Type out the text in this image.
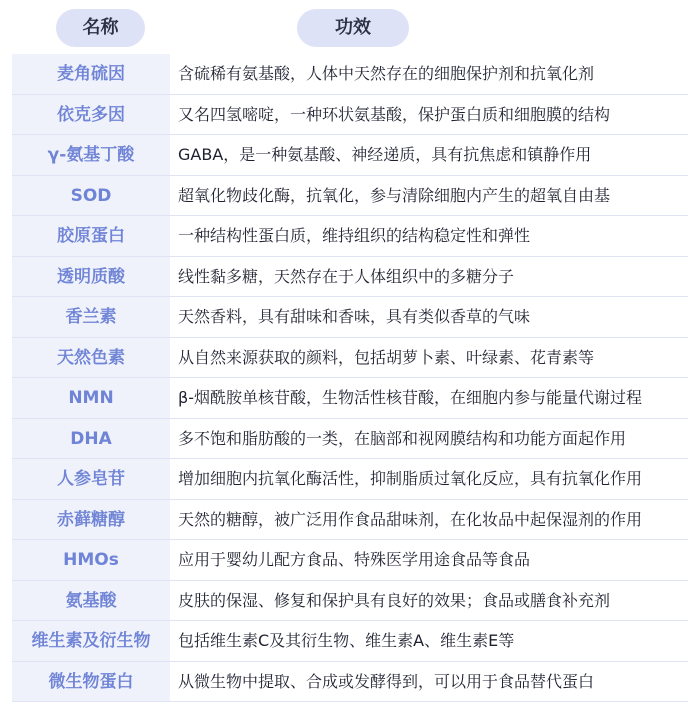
名称	功效
麦角硫因	含硫稀有氨基酸，人体中天然存在的细胞保护剂和抗氧化剂
依克多因	又名四氢嘧啶，一种环状氨基酸，保护蛋白质和细胞膜的结构
γ-氨基丁酸	GABA，是一种氨基酸、神经递质，具有抗焦虑和镇静作用
SOD	超氧化物歧化酶，抗氧化，参与清除细胞内产生的超氧自由基
胶原蛋白	一种结构性蛋白质，维持组织的结构稳定性和弹性
透明质酸	线性黏多糖，天然存在于人体组织中的多糖分子
香兰素	天然香料，具有甜味和香味，具有类似香草的气味
天然色素	从自然来源获取的颜料，包括胡萝卜素、叶绿素、花青素等
NMN	β-烟酰胺单核苷酸，生物活性核苷酸，在细胞内参与能量代谢过程
DHA	多不饱和脂肪酸的一类，在脑部和视网膜结构和功能方面起作用
人参皂苷	增加细胞内抗氧化酶活性，抑制脂质过氧化反应，具有抗氧化作用
赤藓糖醇	天然的糖醇，被广泛用作食品甜味剂，在化妆品中起保湿剂的作用
HMOs	应用于婴幼儿配方食品、特殊医学用途食品等食品
氨基酸	皮肤的保湿、修复和保护具有良好的效果；食品或膳食补充剂
维生素及衍生物	包括维生素C及其衍生物、维生素A、维生素E等
微生物蛋白	从微生物中提取、合成或发酵得到，可以用于食品替代蛋白
